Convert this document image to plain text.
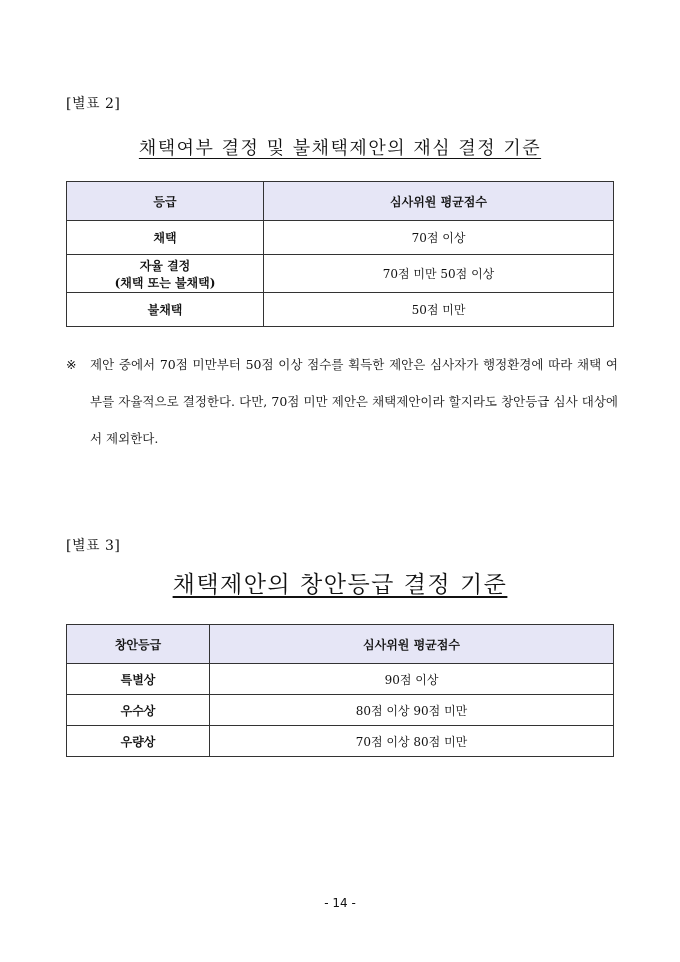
[별표 2]
채택여부 결정 및 불채택제안의 재심 결정 기준
등급	심사위원 평균점수
채택	70점 이상

자율 결정
(채택 또는 불채택)	70점 미만 50점 이상
불채택	50점 미만
※ 제안 중에서 70점 미만부터 50점 이상 점수를 획득한 제안은 심사자가 행정환경에 따라 채택 여부를 자율적으로 결정한다. 다만, 70점 미만 제안은 채택제안이라 할지라도 창안등급 심사 대상에서 제외한다.
[별표 3]
채택제안의 창안등급 결정 기준
창안등급	심사위원 평균점수
특별상	90점 이상
우수상	80점 이상 90점 미만
우량상	70점 이상 80점 미만
- 14 -
